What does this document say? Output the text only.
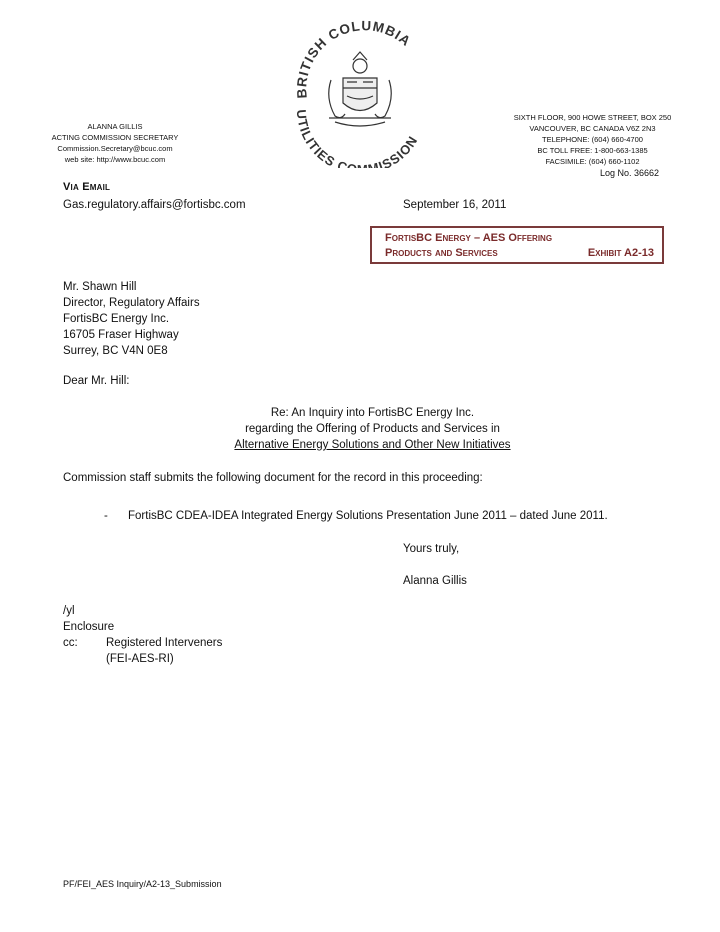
BRITISH COLUMBIA
UTILITIES C ISSION
ALANNA GILLIS
ACTING COMMISSION SECRETARY
Commission.Secretary@bcuc.com
web site: http://www.bcuc.com
SIXTH FLOOR, 900 HOWE STREET, BOX 250
VANCOUVER, BC CANADA V6Z 2N3
TELEPHONE: (604) 660-4700
BC TOLL FREE: 1-800-663-1385
FACSIMILE: (604) 660-1102
Log No. 36662
Via Email
Gas.regulatory.affairs@fortisbc.com	September 16, 2011
FortisBC Energy – AES Offering
Products and Services	Exhibit A2-13
Mr. Shawn Hill
Director, Regulatory Affairs
FortisBC Energy Inc.
16705 Fraser Highway
Surrey, BC V4N 0E8
Dear Mr. Hill:
Re: An Inquiry into FortisBC Energy Inc.
regarding the Offering of Products and Services in
Alternative Energy Solutions and Other New Initiatives
Commission staff submits the following document for the record in this proceeding:
- FortisBC CDEA-IDEA Integrated Energy Solutions Presentation June 2011 – dated June 2011.
Yours truly,
Alanna Gillis
/yl
Enclosure
cc: Registered Interveners
(FEI-AES-RI)
PF/FEI_AES Inquiry/A2-13_Submission
